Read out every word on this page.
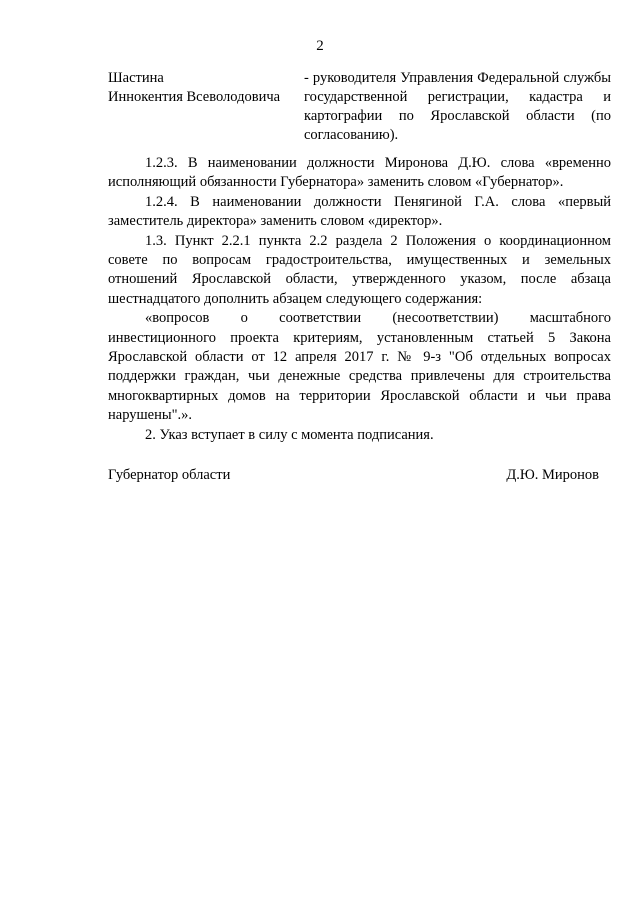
2
Шастина
Иннокентия Всеволодовича
- руководителя Управления Федеральной службы государственной регистрации, кадастра и картографии по Ярославской области (по согласованию).

1.2.3. В наименовании должности Миронова Д.Ю. слова «временно исполняющий обязанности Губернатора» заменить словом «Губернатор».

1.2.4. В наименовании должности Пенягиной Г.А. слова «первый заместитель директора» заменить словом «директор».

1.3. Пункт 2.2.1 пункта 2.2 раздела 2 Положения о координационном совете по вопросам градостроительства, имущественных и земельных отношений Ярославской области, утвержденного указом, после абзаца шестнадцатого дополнить абзацем следующего содержания:

«вопросов о соответствии (несоответствии) масштабного инвестиционного проекта критериям, установленным статьей 5 Закона Ярославской области от 12 апреля 2017 г. № 9-з "Об отдельных вопросах поддержки граждан, чьи денежные средства привлечены для строительства многоквартирных домов на территории Ярославской области и чьи права нарушены".».

2. Указ вступает в силу с момента подписания.

Губернатор области	Д.Ю. Миронов
